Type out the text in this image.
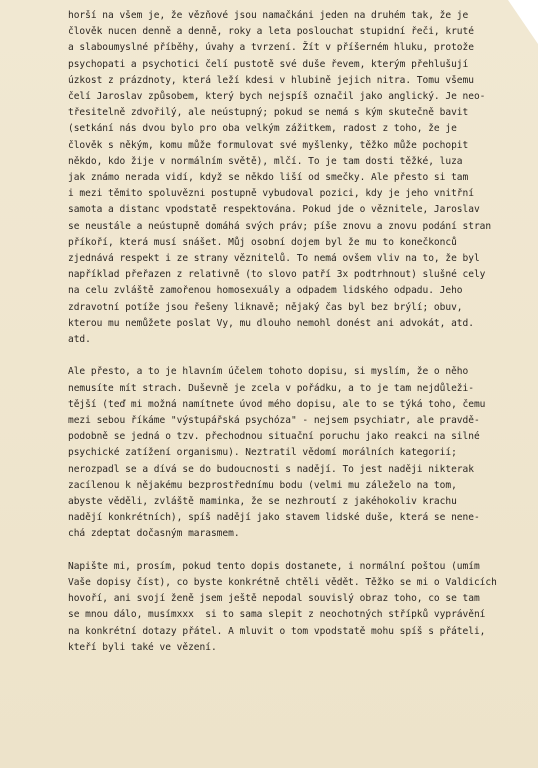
horší na všem je, že vězňové jsou namačkáni jeden na druhém tak, že je
člověk nucen denně a denně, roky a leta poslouchat stupidní řeči, kruté
a slaboumyslné příběhy, úvahy a tvrzení. Žít v příšerném hluku, protože
psychopati a psychotici čelí pustotě své duše řevem, kterým přehlušují
úzkost z prázdnoty, která leží kdesi v hlubině jejich nitra. Tomu všemu
čelí Jaroslav způsobem, který bych nejspíš označil jako anglický. Je neo-
třesitelně zdvořilý, ale neústupný; pokud se nemá s kým skutečně bavit
(setkání nás dvou bylo pro oba velkým zážitkem, radost z toho, že je
člověk s někým, komu může formulovat své myšlenky, těžko může pochopit
někdo, kdo žije v normálním světě), mlčí. To je tam dosti těžké, luza
jak známo nerada vidí, když se někdo liší od smečky. Ale přesto si tam
i mezi těmito spoluvězni postupně vybudoval pozici, kdy je jeho vnitřní
samota a distanc vpodstatě respektována. Pokud jde o věznitele, Jaroslav
se neustále a neústupně domáhá svých práv; píše znovu a znovu podání stran
příkoří, která musí snášet. Můj osobní dojem byl že mu to konečkonců
zjednává respekt i ze strany věznitelů. To nemá ovšem vliv na to, že byl
například přeřazen z relativně (to slovo patří 3x podtrhnout) slušné cely
na celu zvláště zamořenou homosexuály a odpadem lidského odpadu. Jeho
zdravotní potíže jsou řešeny liknavě; nějaký čas byl bez brýlí; obuv,
kterou mu nemůžete poslat Vy, mu dlouho nemohl donést ani advokát, atd.
atd.
Ale přesto, a to je hlavním účelem tohoto dopisu, si myslím, že o něho
nemusíte mít strach. Duševně je zcela v pořádku, a to je tam nejdůleži-
tější (teď mi možná namítnete úvod mého dopisu, ale to se týká toho, čemu
mezi sebou říkáme "výstupářská psychóza" - nejsem psychiatr, ale pravdě-
podobně se jedná o tzv. přechodnou situační poruchu jako reakci na silné
psychické zatížení organismu). Neztratil vědomí morálních kategorií;
nerozpadl se a dívá se do budoucnosti s nadějí. To jest naději nikterak
zacílenou k nějakému bezprostřednímu bodu (velmi mu záleželo na tom,
abyste věděli, zvláště maminka, že se nezhroutí z jakéhokoliv krachu
nadějí konkrétních), spíš nadějí jako stavem lidské duše, která se nene-
chá zdeptat dočasným marasmem.
Napište mi, prosím, pokud tento dopis dostanete, i normální poštou (umím
Vaše dopisy číst), co byste konkrétně chtěli vědět. Těžko se mi o Valdicích
hovoří, ani svojí ženě jsem ještě nepodal souvislý obraz toho, co se tam
se mnou dálo, musímxxx  si to sama slepit z neochotných střípků vyprávění
na konkrétní dotazy přátel. A mluvit o tom vpodstatě mohu spíš s přáteli,
kteří byli také ve vězení.
